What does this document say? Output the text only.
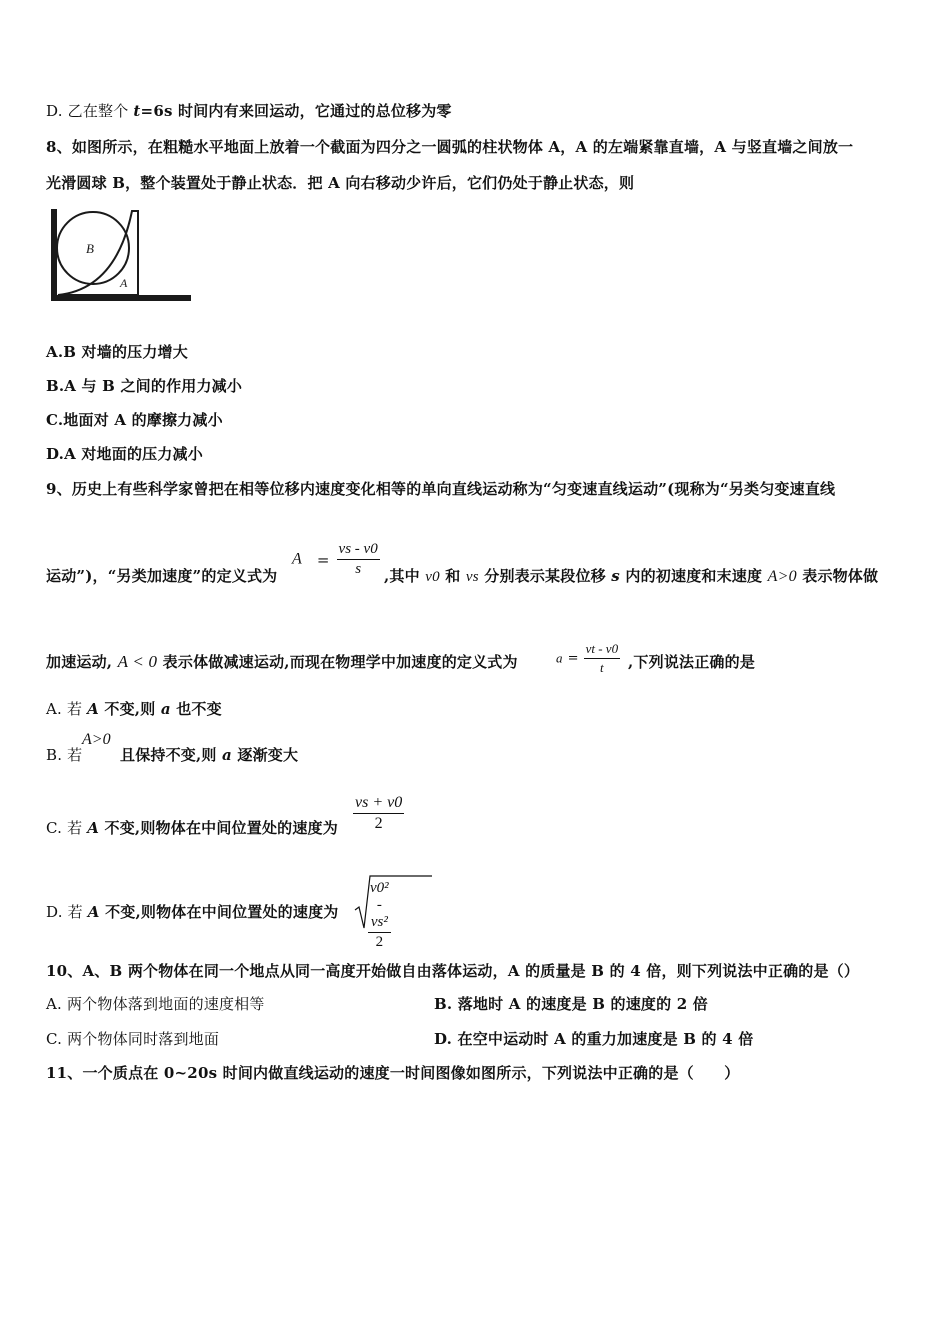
D. 乙在整个 t=6s 时间内有来回运动，它通过的总位移为零
8、如图所示，在粗糙水平地面上放着一个截面为四分之一圆弧的柱状物体 A，A 的左端紧靠直墙，A 与竖直墙之间放一
光滑圆球 B，整个装置处于静止状态．把 A 向右移动少许后，它们仍处于静止状态，则
B
A
A.B 对墙的压力增大
B.A 与 B 之间的作用力减小
C.地面对 A 的摩擦力减小
D.A 对地面的压力减小
9、历史上有些科学家曾把在相等位移内速度变化相等的单向直线运动称为“匀变速直线运动”(现称为“另类匀变速直线
运动”)，“另类加速度”的定义式为
$A = \frac{vs - v0}{s}$ ,其中 v0 和 vs 分别表示某段位移 s 内的初速度和末速度 A>0 表示物体做
加速运动, A < 0 表示体做减速运动,而现在物理学中加速度的定义式为	$a = \frac{vt - v0}{t}$ ,下列说法正确的是
A. 若 A 不变,则 a 也不变
B. 若
A>0
且保持不变,则 a 逐渐变大
C. 若 A 不变,则物体在中间位置处的速度为 $\frac{vs + v0}{2}$
D. 若 A 不变,则物体在中间位置处的速度为 $\frac{\text{v0² - vs²}}{2}$
10、A、B 两个物体在同一个地点从同一高度开始做自由落体运动，A 的质量是 B 的 4 倍，则下列说法中正确的是（）
A. 两个物体落到地面的速度相等	B. 落地时 A 的速度是 B 的速度的 2 倍
C. 两个物体同时落到地面	D. 在空中运动时 A 的重力加速度是 B 的 4 倍
11、一个质点在 0~20s 时间内做直线运动的速度一时间图像如图所示，下列说法中正确的是（　　）
